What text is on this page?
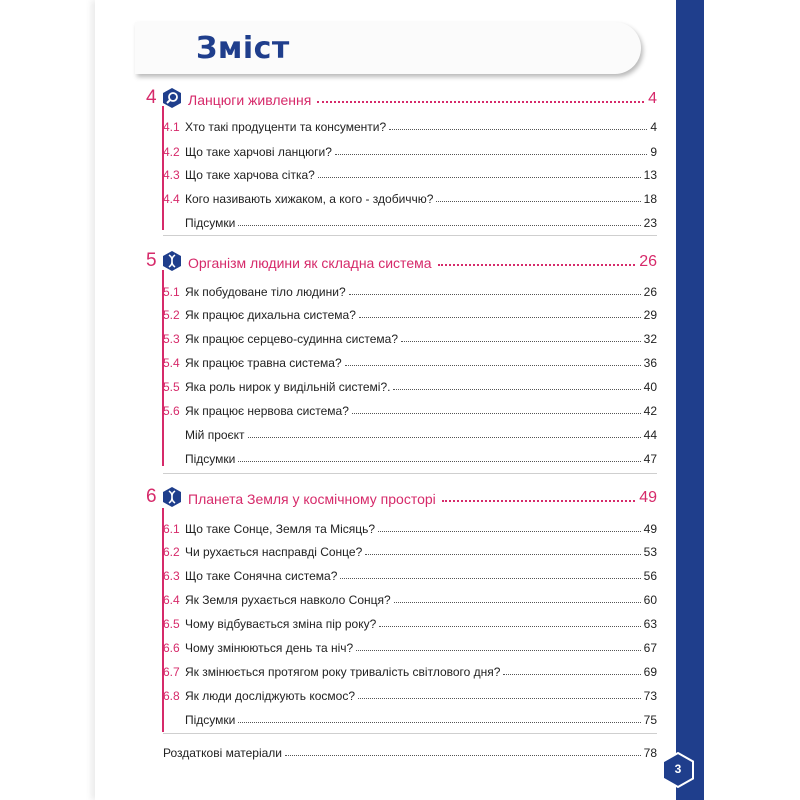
Зміст
4	Ланцюги живлення	4
4.1 Хто такі продуценти та консументи?	4
4.2 Що таке харчові ланцюги?	9
4.3 Що таке харчова сітка?	13
4.4 Кого називають хижаком, а кого - здобиччю?	18
Підсумки	23
5	Організм людини як складна система	26
5.1 Як побудоване тіло людини?	26
5.2 Як працює дихальна система?	29
5.3 Як працює серцево-судинна система?	32
5.4 Як працює травна система?	36
5.5 Яка роль нирок у видільній системі?.	40
5.6 Як працює нервова система?	42
Мій проєкт	44
Підсумки	47
6	Планета Земля у космічному просторі	49
6.1 Що таке Сонце, Земля та Місяць?	49
6.2 Чи рухається насправді Сонце?	53
6.3 Що таке Сонячна система?	56
6.4 Як Земля рухається навколо Сонця?	60
6.5 Чому відбувається зміна пір року?	63
6.6 Чому змінюються день та ніч?	67
6.7 Як змінюється протягом року тривалість світлового дня?	69
6.8 Як люди досліджують космос?	73
Підсумки	75
Роздаткові матеріали	78
3
